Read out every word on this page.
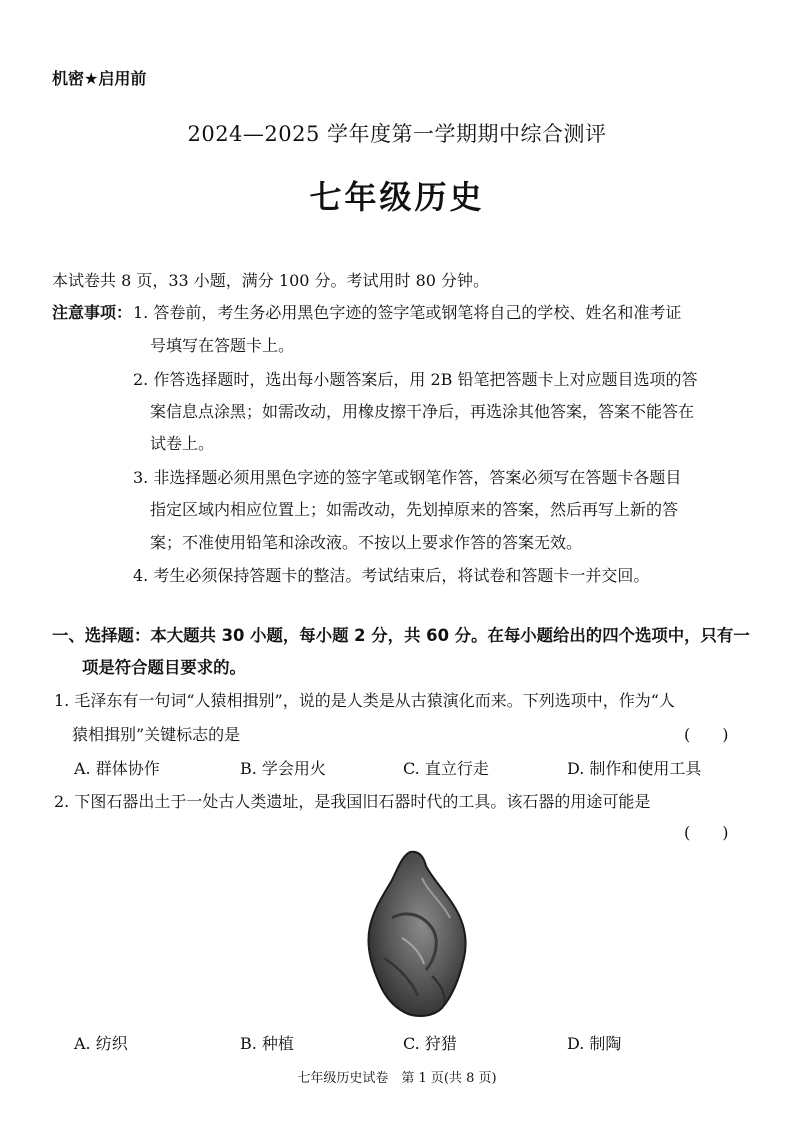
机密★启用前
2024—2025 学年度第一学期期中综合测评
七年级历史
本试卷共 8 页，33 小题，满分 100 分。考试用时 80 分钟。
注意事项： 1. 答卷前，考生务必用黑色字迹的签字笔或钢笔将自己的学校、姓名和准考证
号填写在答题卡上。
2. 作答选择题时，选出每小题答案后，用 2B 铅笔把答题卡上对应题目选项的答
案信息点涂黑；如需改动，用橡皮擦干净后，再选涂其他答案，答案不能答在
试卷上。
3. 非选择题必须用黑色字迹的签字笔或钢笔作答，答案必须写在答题卡各题目
指定区域内相应位置上；如需改动，先划掉原来的答案，然后再写上新的答
案；不准使用铅笔和涂改液。不按以上要求作答的答案无效。
4. 考生必须保持答题卡的整洁。考试结束后，将试卷和答题卡一并交回。
一、选择题：本大题共 30 小题，每小题 2 分，共 60 分。在每小题给出的四个选项中，只有一
项是符合题目要求的。
1. 毛泽东有一句词“人猿相揖别”，说的是人类是从古猿演化而来。下列选项中，作为“人
猿相揖别”关键标志的是	(　　)
A. 群体协作	B. 学会用火	C. 直立行走	D. 制作和使用工具
2. 下图石器出土于一处古人类遗址，是我国旧石器时代的工具。该石器的用途可能是
(　　)
A. 纺织	B. 种植	C. 狩猎	D. 制陶
七年级历史试卷　第 1 页(共 8 页)
